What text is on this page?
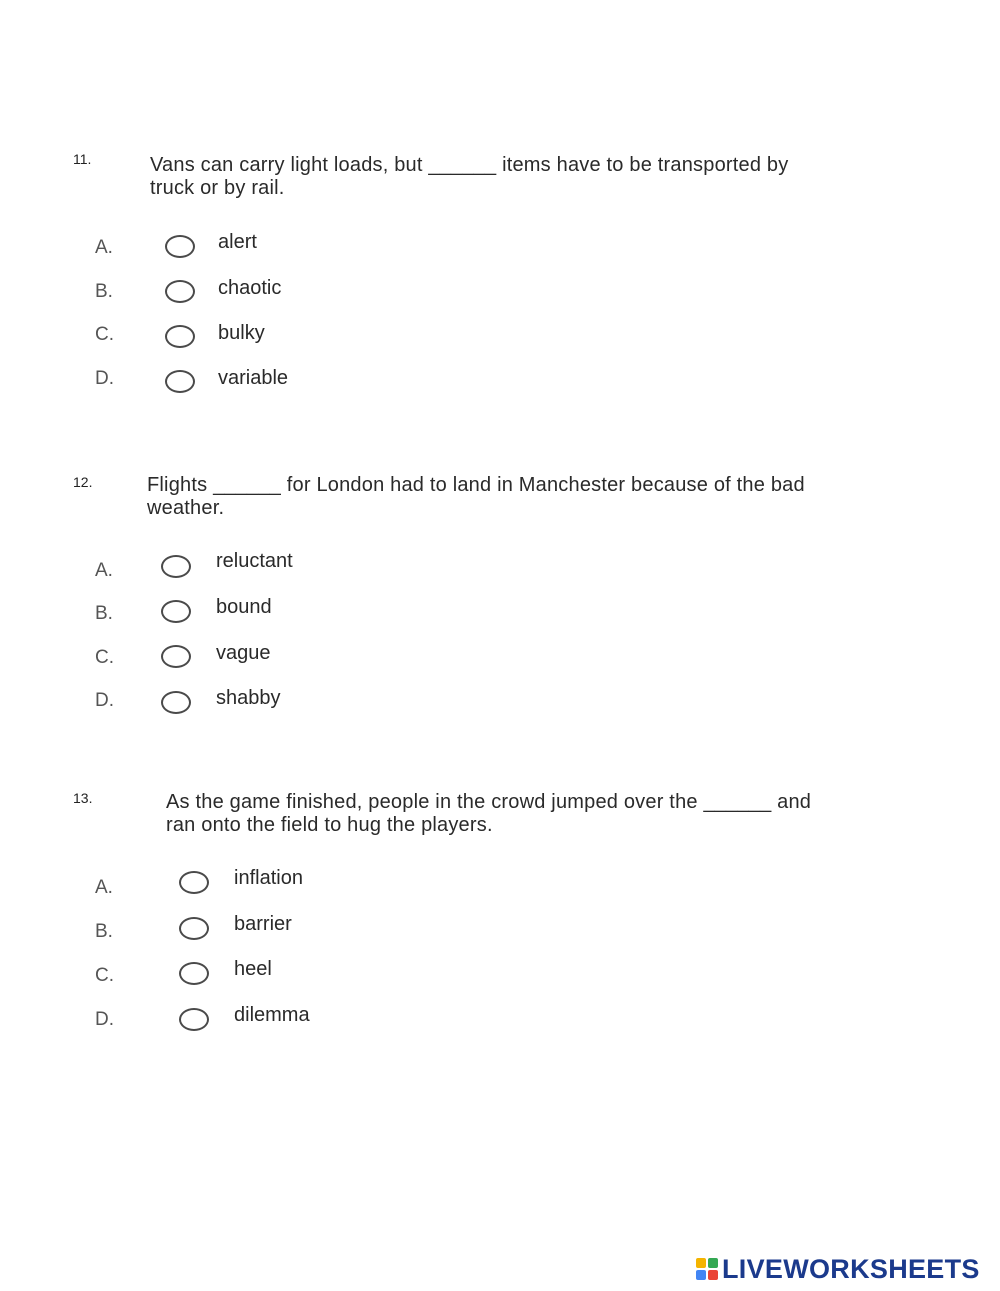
11.	Vans can carry light loads, but ______ items have to be transported by
truck or by rail.
A.	alert
B.	chaotic
C.	bulky
D.	variable
12.	Flights ______ for London had to land in Manchester because of the bad
weather.
A.	reluctant
B.	bound
C.	vague
D.	shabby
13.	As the game finished, people in the crowd jumped over the ______ and
ran onto the field to hug the players.
A.	inflation
B.	barrier
C.	heel
D.	dilemma
LIVEWORKSHEETS
